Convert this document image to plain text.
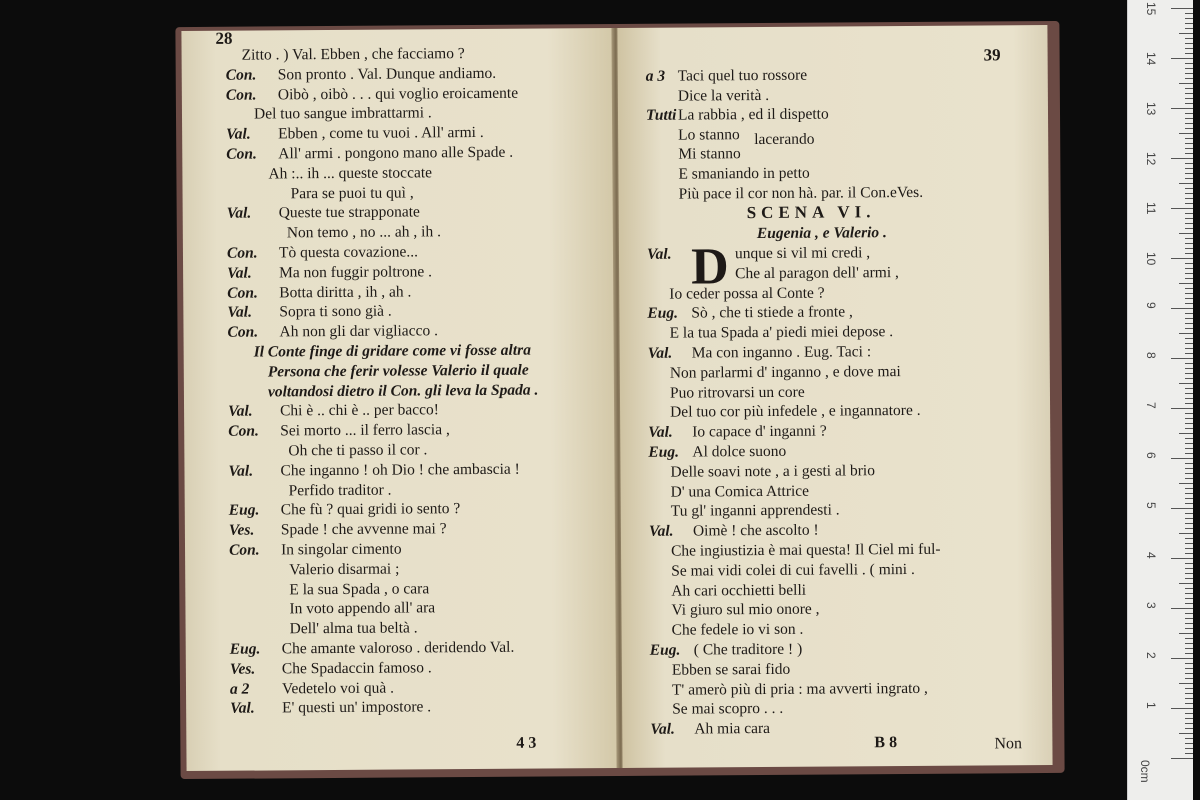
28
4 3
Zitto . ) Val. Ebben , che facciamo ?
Con. Son pronto . Val. Dunque andiamo.
Con. Oibò , oibò . . . qui voglio eroicamente
Del tuo sangue imbrattarmi .
Val. Ebben , come tu vuoi . All' armi .
Con. All' armi . pongono mano alle Spade .
Ah :.. ih ... queste stoccate
Para se puoi tu quì ,
Val. Queste tue strapponate
Non temo , no ... ah , ih .
Con. Tò questa covazione...
Val. Ma non fuggir poltrone .
Con. Botta diritta , ih , ah .
Val. Sopra ti sono già .
Con. Ah non gli dar vigliacco .
Il Conte finge di gridare come vi fosse altra
Persona che ferir volesse Valerio il quale
voltandosi dietro il Con. gli leva la Spada .
Val. Chi è .. chi è .. per bacco!
Con. Sei morto ... il ferro lascia ,
Oh che ti passo il cor .
Val. Che inganno ! oh Dio ! che ambascia !
Perfido traditor .
Eug. Che fù ? quai gridi io sento ?
Ves. Spade ! che avvenne mai ?
Con. In singolar cimento
Valerio disarmai ;
E la sua Spada , o cara
In voto appendo all' ara
Dell' alma tua beltà .
Eug. Che amante valoroso . deridendo Val.
Ves. Che Spadaccin famoso .
a 2 Vedetelo voi quà .
Val. E' questi un' impostore .
39
SCENA VI.
Eugenia , e Valerio .
D
lacerando
B 8	Non
a 3 Taci quel tuo rossore
Dice la verità .
Tutti La rabbia , ed il dispetto
Lo stanno
Mi stanno
E smaniando in petto
Più pace il cor non hà. par. il Con.eVes.
Val.	unque si vil mi credi ,
Che al paragon dell' armi ,
Io ceder possa al Conte ?
Eug. Sò , che ti stiede a fronte ,
E la tua Spada a' piedi miei depose .
Val. Ma con inganno . Eug. Taci :
Non parlarmi d' inganno , e dove mai
Puo ritrovarsi un core
Del tuo cor più infedele , e ingannatore .
Val. Io capace d' inganni ?
Eug. Al dolce suono
Delle soavi note , a i gesti al brio
D' una Comica Attrice
Tu gl' inganni apprendesti .
Val. Oimè ! che ascolto !
Che ingiustizia è mai questa! Il Ciel mi ful-
Se mai vidi colei di cui favelli . ( mini .
Ah cari occhietti belli
Vi giuro sul mio onore ,
Che fedele io vi son .
Eug. ( Che traditore ! )
Ebben se sarai fido
T' amerò più di pria : ma avverti ingrato ,
Se mai scopro . . .
Val. Ah mia cara
0cm
15
14
13
12
11
10
9
8
7
6
5
4
3
2
1
